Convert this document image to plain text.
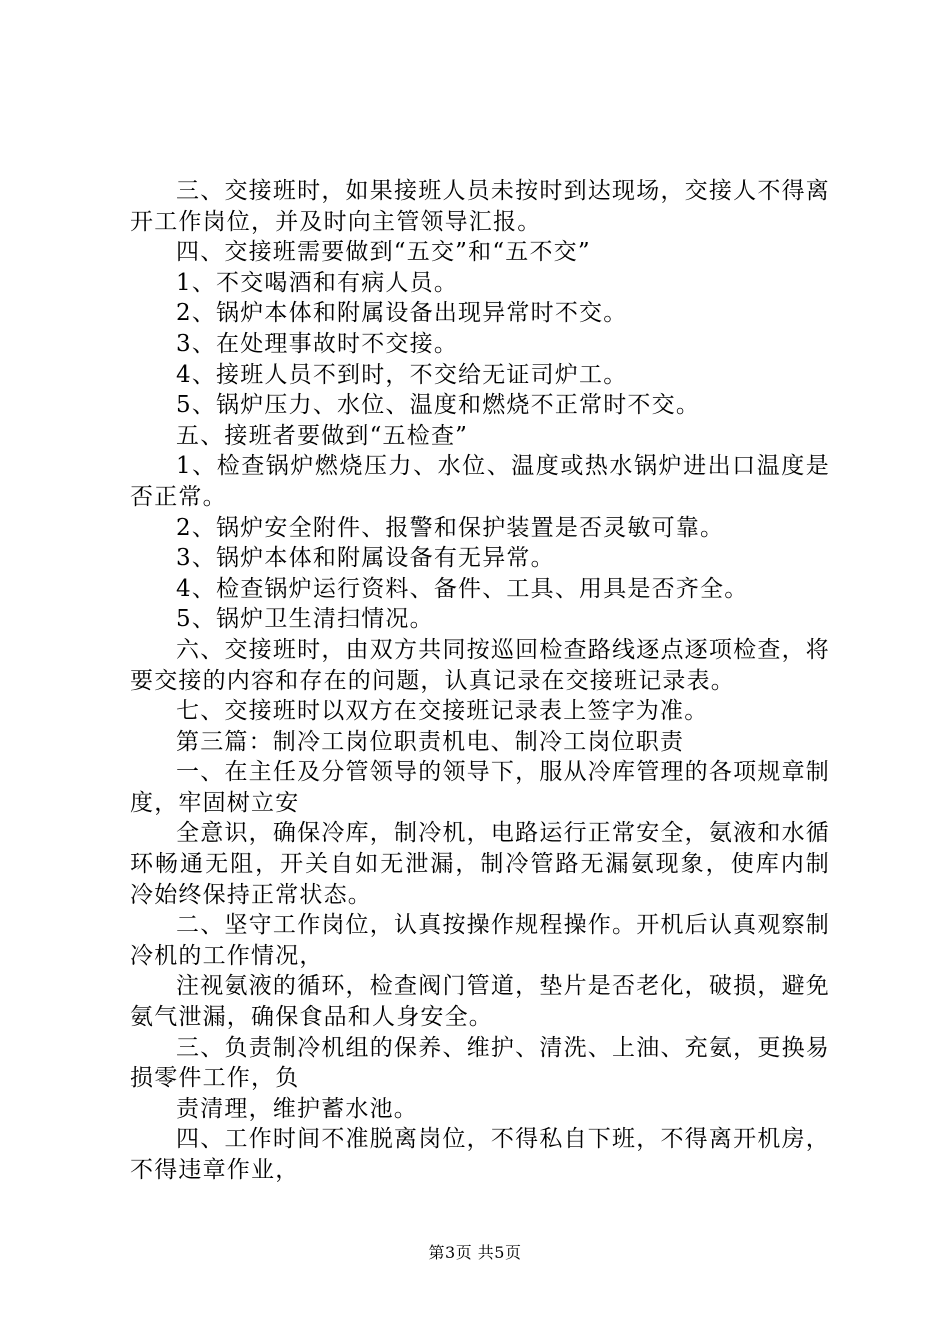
三、交接班时，如果接班人员未按时到达现场，交接人不得离开工作岗位，并及时向主管领导汇报。

四、交接班需要做到“五交”和“五不交”

1、不交喝酒和有病人员。

2、锅炉本体和附属设备出现异常时不交。

3、在处理事故时不交接。

4、接班人员不到时，不交给无证司炉工。

5、锅炉压力、水位、温度和燃烧不正常时不交。

五、接班者要做到“五检查”

1、检查锅炉燃烧压力、水位、温度或热水锅炉进出口温度是否正常。

2、锅炉安全附件、报警和保护装置是否灵敏可靠。

3、锅炉本体和附属设备有无异常。

4、检查锅炉运行资料、备件、工具、用具是否齐全。

5、锅炉卫生清扫情况。

六、交接班时，由双方共同按巡回检查路线逐点逐项检查，将要交接的内容和存在的问题，认真记录在交接班记录表。

七、交接班时以双方在交接班记录表上签字为准。

第三篇：制冷工岗位职责机电、制冷工岗位职责

一、在主任及分管领导的领导下，服从冷库管理的各项规章制度，牢固树立安

全意识，确保冷库，制冷机，电路运行正常安全，氨液和水循环畅通无阻，开关自如无泄漏，制冷管路无漏氨现象，使库内制冷始终保持正常状态。

二、坚守工作岗位，认真按操作规程操作。开机后认真观察制冷机的工作情况，

注视氨液的循环，检查阀门管道，垫片是否老化，破损，避免氨气泄漏，确保食品和人身安全。

三、负责制冷机组的保养、维护、清洗、上油、充氨，更换易损零件工作，负

责清理，维护蓄水池。

四、工作时间不准脱离岗位，不得私自下班，不得离开机房，不得违章作业，

第3页 共5页
